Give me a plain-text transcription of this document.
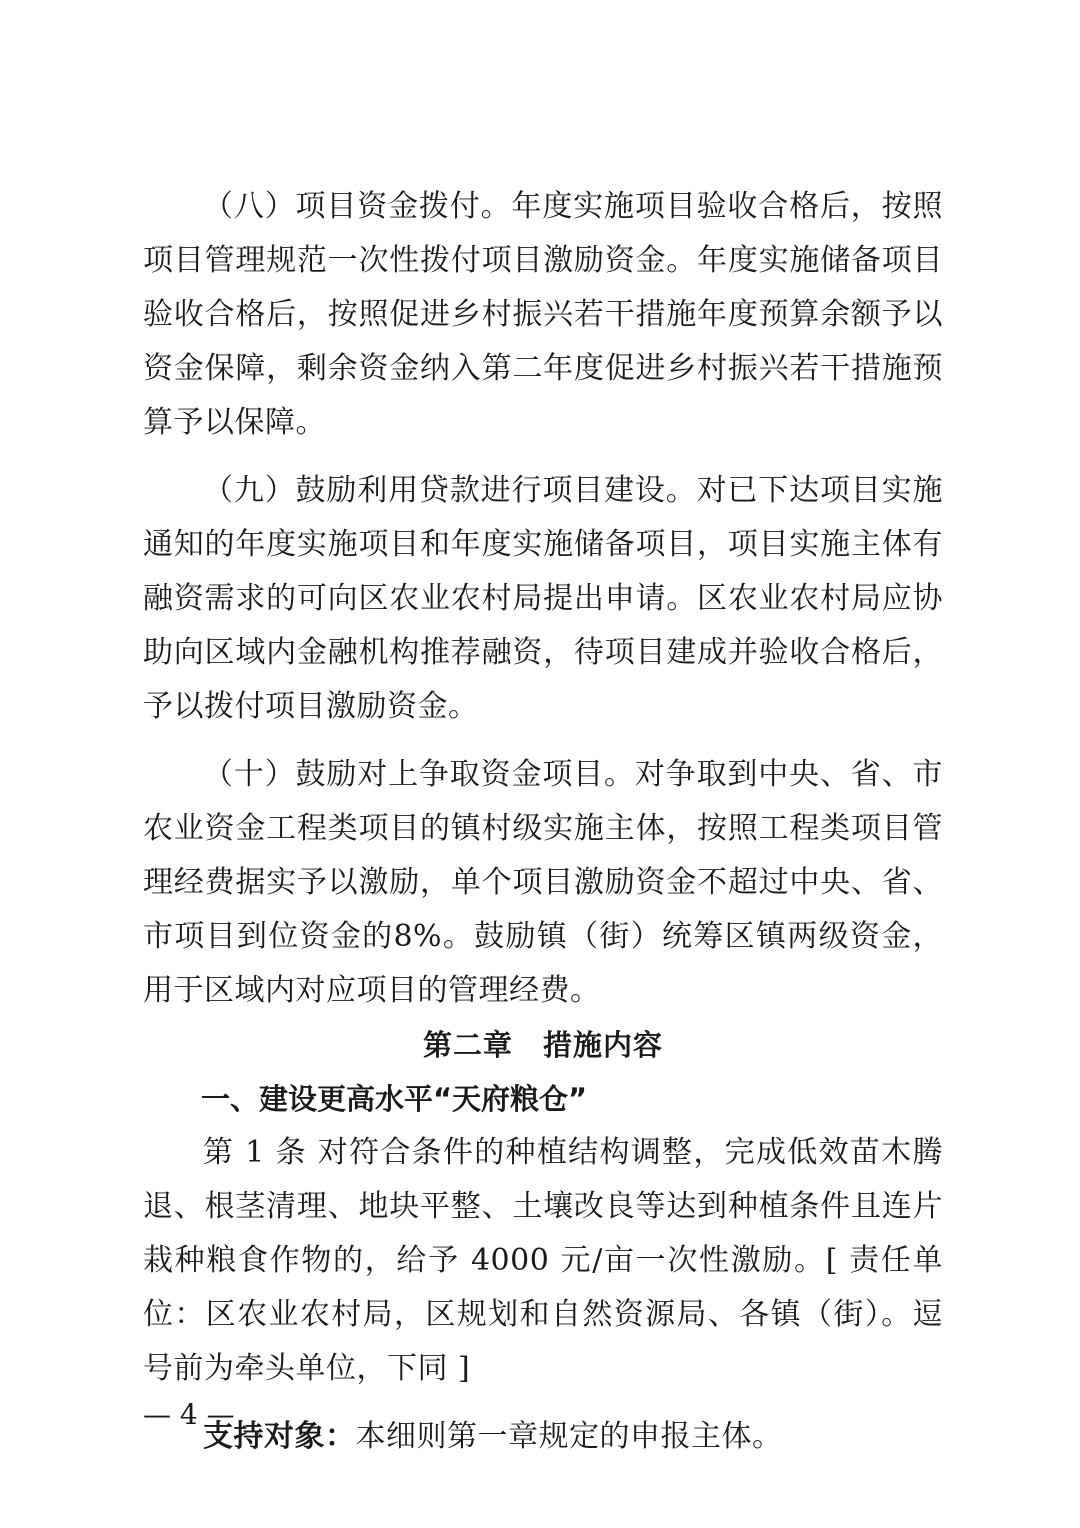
（八）项目资金拨付。年度实施项目验收合格后，按照项目管理规范一次性拨付项目激励资金。年度实施储备项目验收合格后，按照促进乡村振兴若干措施年度预算余额予以资金保障，剩余资金纳入第二年度促进乡村振兴若干措施预算予以保障。

（九）鼓励利用贷款进行项目建设。对已下达项目实施通知的年度实施项目和年度实施储备项目，项目实施主体有融资需求的可向区农业农村局提出申请。区农业农村局应协助向区域内金融机构推荐融资，待项目建成并验收合格后，予以拨付项目激励资金。

（十）鼓励对上争取资金项目。对争取到中央、省、市农业资金工程类项目的镇村级实施主体，按照工程类项目管理经费据实予以激励，单个项目激励资金不超过中央、省、市项目到位资金的8%。鼓励镇（街）统筹区镇两级资金，用于区域内对应项目的管理经费。

第二章　措施内容

一、建设更高水平“天府粮仓”

第 1 条 对符合条件的种植结构调整，完成低效苗木腾退、根茎清理、地块平整、土壤改良等达到种植条件且连片栽种粮食作物的，给予 4000 元/亩一次性激励。[ 责任单位：区农业农村局，区规划和自然资源局、各镇（街）。逗号前为牵头单位，下同 ]

支持对象：本细则第一章规定的申报主体。

— 4 —
